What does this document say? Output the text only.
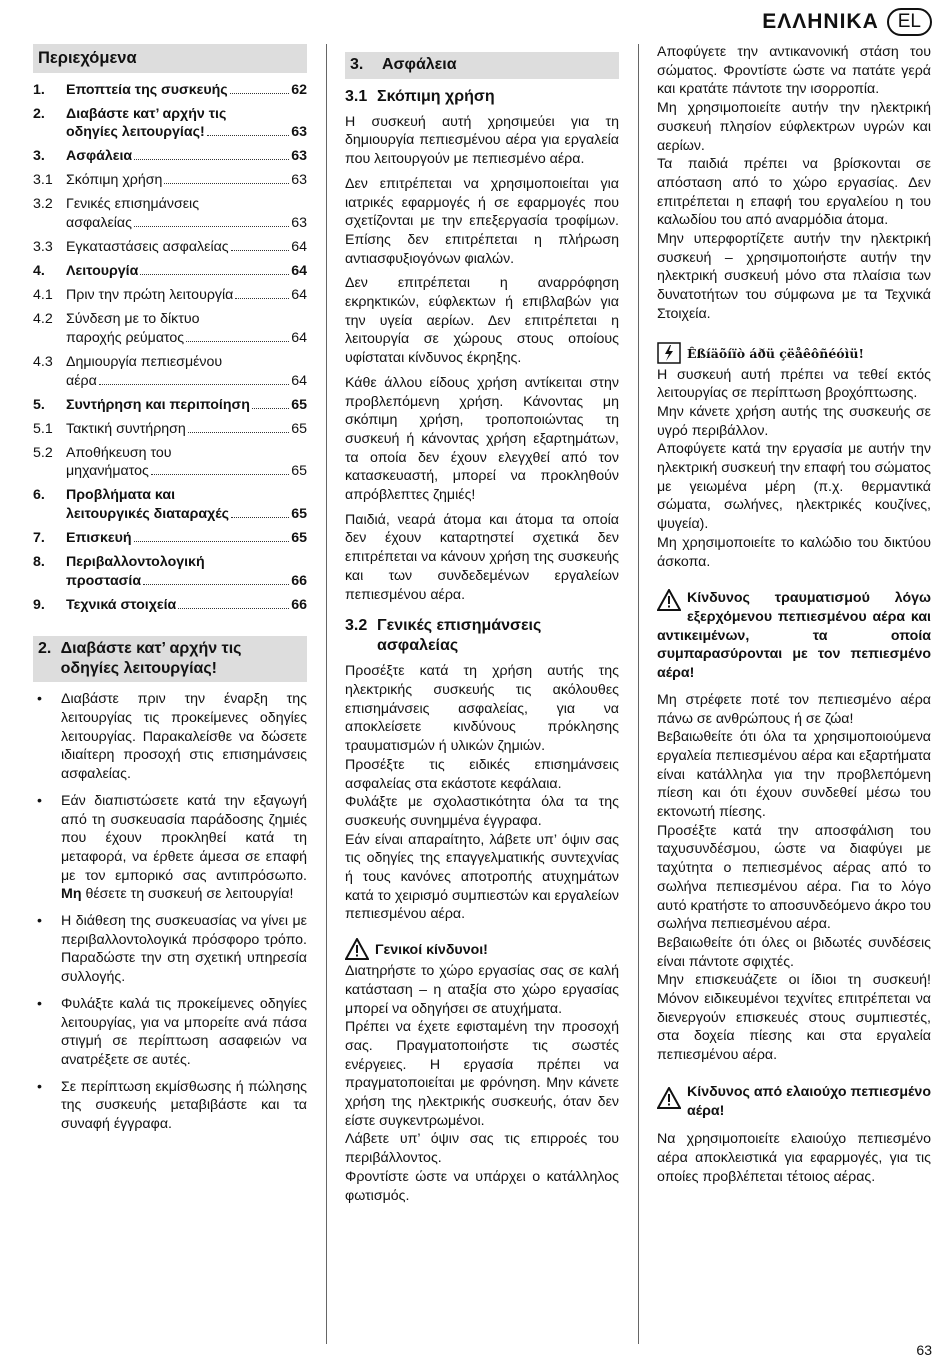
ΕΛΛΗΝΙΚΑ	EL
Περιεχόμενα
1.	Εποπτεία της συσκευής	62
2.	Διαβάστε κατ’ αρχήν τις
οδηγίες λειτουργίας!	63
3.	Ασφάλεια	63
3.1 Σκόπιμη χρήση	63
3.2 Γενικές επισημάνσεις
ασφαλείας	63
3.3 Εγκαταστάσεις ασφαλείας	64
4.	Λειτουργία	64
4.1 Πριν την πρώτη λειτουργία	64
4.2 Σύνδεση με το δίκτυο
παροχής ρεύματος	64
4.3 Δημιουργία πεπιεσμένου
αέρα	64
5.	Συντήρηση και περιποίηση	65
5.1 Τακτική συντήρηση	65
5.2 Αποθήκευση του
μηχανήματος	65
6.	Προβλήματα και
λειτουργικές διαταραχές	65
7.	Επισκευή	65
8.	Περιβαλλοντολογική
προστασία	66
9.	Τεχνικά στοιχεία	66
2. Διαβάστε κατ’ αρχήν τις οδηγίες λειτουργίας!
• Διαβάστε πριν την έναρξη της λειτουργίας τις προκείμενες οδηγίες λειτουργίας. Παρακαλείσθε να δώσετε ιδιαίτερη προσοχή στις επισημάνσεις ασφαλείας.
• Εάν διαπιστώσετε κατά την εξαγωγή από τη συσκευασία παράδοσης ζημιές που έχουν προκληθεί κατά τη μεταφορά, να έρθετε άμεσα σε επαφή με τον εμπορικό σας αντιπρόσωπο. Μη θέσετε τη συσκευή σε λειτουργία!
• Η διάθεση της συσκευασίας να γίνει με περιβαλλοντολογικά πρόσφορο τρόπο. Παραδώστε την στη σχετική υπηρεσία συλλογής.
• Φυλάξτε καλά τις προκείμενες οδηγίες λειτουργίας, για να μπορείτε ανά πάσα στιγμή σε περίπτωση ασαφειών να ανατρέξετε σε αυτές.
• Σε περίπτωση εκμίσθωσης ή πώλησης της συσκευής μεταβιβάστε και τα συναφή έγγραφα.
3.	Ασφάλεια
3.1 Σκόπιμη χρήση

Η συσκευή αυτή χρησιμεύει για τη δημιουργία πεπιεσμένου αέρα για εργαλεία που λειτουργούν με πεπιεσμένο αέρα.

Δεν επιτρέπεται να χρησιμοποιείται για ιατρικές εφαρμογές ή σε εφαρμογές που σχετίζονται με την επεξεργασία τροφίμων. Επίσης δεν επιτρέπεται η πλήρωση αντιασφυξιογόνων φιαλών.

Δεν επιτρέπεται η αναρρόφηση εκρηκτικών, εύφλεκτων ή επιβλαβών για την υγεία αερίων. Δεν επιτρέπεται η λειτουργία σε χώρους στους οποίους υφίσταται κίνδυνος έκρηξης.

Κάθε άλλου είδους χρήση αντίκειται στην προβλεπόμενη χρήση. Κάνοντας μη σκόπιμη χρήση, τροποποιώντας τη συσκευή ή κάνοντας χρήση εξαρτημάτων, τα οποία δεν έχουν ελεγχθεί από τον κατασκευαστή, μπορεί να προκληθούν απρόβλεπτες ζημιές!

Παιδιά, νεαρά άτομα και άτομα τα οποία δεν έχουν καταρτηστεί σχετικά δεν επιτρέπεται να κάνουν χρήση της συσκευής και των συνδεδεμένων εργαλείων πεπιεσμένου αέρα.

3.2 Γενικές επισημάνσεις ασφαλείας

Προσέξτε κατά τη χρήση αυτής της ηλεκτρικής συσκευής τις ακόλουθες επισημάνσεις ασφαλείας, για να αποκλείσετε κινδύνους πρόκλησης τραυματισμών ή υλικών ζημιών.

Προσέξτε τις ειδικές επισημάνσεις ασφαλείας στα εκάστοτε κεφάλαια.

Φυλάξτε με σχολαστικότητα όλα τα της συσκευής συνημμένα έγγραφα.

Εάν είναι απαραίτητο, λάβετε υπ’ όψιν σας τις οδηγίες της επαγγελματικής συντεχνίας ή τους κανόνες αποτροπής ατυχημάτων κατά το χειρισμό συμπιεστών και εργαλείων πεπιεσμένου αέρα.

Γενικοί κίνδυνοι!

Διατηρήστε το χώρο εργασίας σας σε καλή κατάσταση – η αταξία στο χώρο εργασίας μπορεί να οδηγήσει σε ατυχήματα.

Πρέπει να έχετε εφισταμένη την προσοχή σας. Πραγματοποιήστε τις σωστές ενέργειες. Η εργασία πρέπει να πραγματοποιείται με φρόνηση. Μην κάνετε χρήση της ηλεκτρικής συσκευής, όταν δεν είστε συγκεντρωμένοι.

Λάβετε υπ’ όψιν σας τις επιρροές του περιβάλλοντος.

Φροντίστε ώστε να υπάρχει ο κατάλληλος φωτισμός.

Αποφύγετε την αντικανονική στάση του σώματος. Φροντίστε ώστε να πατάτε γερά και κρατάτε πάντοτε την ισορροπία.

Μη χρησιμοποιείτε αυτήν την ηλεκτρική συσκευή πλησίον εύφλεκτρων υγρών και αερίων.

Τα παιδιά πρέπει να βρίσκονται σε απόσταση από το χώρο εργασίας. Δεν επιτρέπεται η επαφή του εργαλείου η του καλωδίου του από αναρμόδια άτομα.

Μην υπερφορτίζετε αυτήν την ηλεκτρική συσκευή – χρησιμοποιήστε αυτήν την ηλεκτρική συσκευή μόνο στα πλαίσια των δυνατοτήτων του σύμφωνα με τα Τεχνικά Στοιχεία.

Êßíäõíïò áðü çëåêôñéóìü!

Η συσκευή αυτή πρέπει να τεθεί εκτός λειτουργίας σε περίπτωση βροχόπτωσης.

Μην κάνετε χρήση αυτής της συσκευής σε υγρό περιβάλλον.

Αποφύγετε κατά την εργασία με αυτήν την ηλεκτρική συσκευή την επαφή του σώματος με γειωμένα μέρη (π.χ. θερμαντικά σώματα, σωλήνες, ηλεκτρικές κουζίνες, ψυγεία).

Μη χρησιμοποιείτε το καλώδιο του δικτύου άσκοπα.

Κίνδυνος τραυματισμού λόγω εξερχόμενου πεπιεσμένου αέρα και αντικειμένων, τα οποία συμπαρασύρονται με τον πεπιεσμένο αέρα!

Μη στρέφετε ποτέ τον πεπιεσμένο αέρα πάνω σε ανθρώπους ή σε ζώα!

Βεβαιωθείτε ότι όλα τα χρησιμοποιούμενα εργαλεία πεπιεσμένου αέρα και εξαρτήματα είναι κατάλληλα για την προβλεπόμενη πίεση και ότι έχουν συνδεθεί μέσω του εκτονωτή πίεσης.

Προσέξτε κατά την αποσφάλιση του ταχυσυνδέσμου, ώστε να διαφύγει με ταχύτητα ο πεπιεσμένος αέρας από το σωλήνα πεπιεσμένου αέρα. Για το λόγο αυτό κρατήστε το αποσυνδεόμενο άκρο του σωλήνα πεπιεσμένου αέρα.

Βεβαιωθείτε ότι όλες οι βιδωτές συνδέσεις είναι πάντοτε σφιχτές.

Μην επισκευάζετε οι ίδιοι τη συσκευή! Μόνον ειδικευμένοι τεχνίτες επιτρέπεται να διενεργούν επισκευές στους συμπιεστές, στα δοχεία πίεσης και στα εργαλεία πεπιεσμένου αέρα.

Κίνδυνος από ελαιούχο πεπιεσμένο αέρα!

Να χρησιμοποιείτε ελαιούχο πεπιεσμένο αέρα αποκλειστικά για εφαρμογές, για τις οποίες προβλέπεται τέτοιος αέρας.

63
